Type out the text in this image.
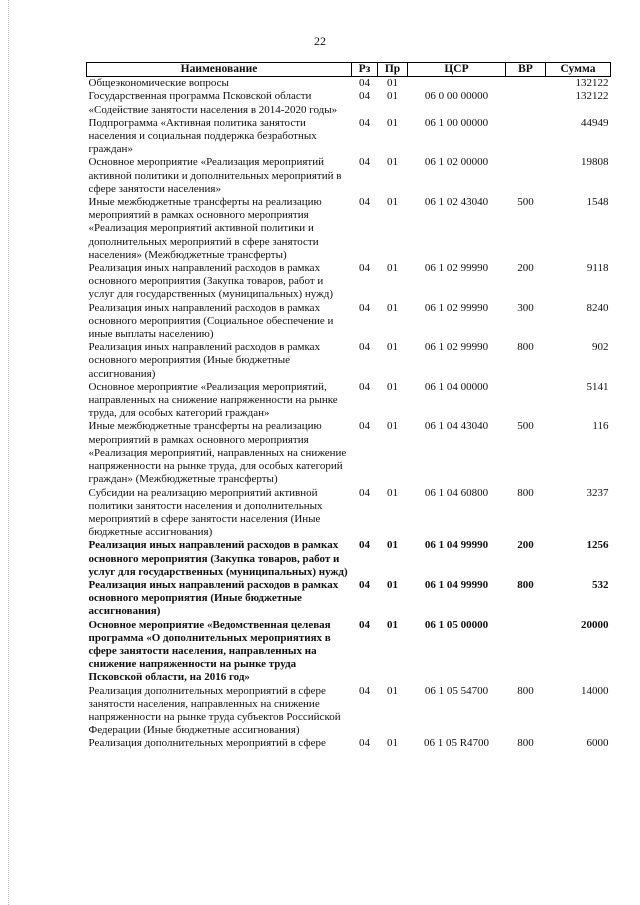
22
Наименование	Рз	Пр	ЦСР	ВР	Сумма
Общеэкономические вопросы	04	01			132122
Государственная программа Псковской области «Содействие занятости населения в 2014-2020 годы»	04	01	06 0 00 00000		132122
Подпрограмма «Активная политика занятости населения и социальная поддержка безработных граждан»	04	01	06 1 00 00000		44949
Основное мероприятие «Реализация мероприятий активной политики и дополнительных мероприятий в сфере занятости населения»	04	01	06 1 02 00000		19808
Иные межбюджетные трансферты на реализацию мероприятий в рамках основного мероприятия «Реализация мероприятий активной политики и дополнительных мероприятий в сфере занятости населения» (Межбюджетные трансферты)	04	01	06 1 02 43040	500	1548
Реализация иных направлений расходов в рамках основного мероприятия (Закупка товаров, работ и услуг для государственных (муниципальных) нужд)	04	01	06 1 02 99990	200	9118
Реализация иных направлений расходов в рамках основного мероприятия (Социальное обеспечение и иные выплаты населению)	04	01	06 1 02 99990	300	8240
Реализация иных направлений расходов в рамках основного мероприятия (Иные бюджетные ассигнования)	04	01	06 1 02 99990	800	902
Основное мероприятие «Реализация мероприятий, направленных на снижение напряженности на рынке труда, для особых категорий граждан»	04	01	06 1 04 00000		5141
Иные межбюджетные трансферты на реализацию мероприятий в рамках основного мероприятия «Реализация мероприятий, направленных на снижение напряженности на рынке труда, для особых категорий граждан» (Межбюджетные трансферты)	04	01	06 1 04 43040	500	116
Субсидии на реализацию мероприятий активной политики занятости населения и дополнительных мероприятий в сфере занятости населения (Иные бюджетные ассигнования)	04	01	06 1 04 60800	800	3237
Реализация иных направлений расходов в рамках основного мероприятия (Закупка товаров, работ и услуг для государственных (муниципальных) нужд)	04	01	06 1 04 99990	200	1256
Реализация иных направлений расходов в рамках основного мероприятия (Иные бюджетные ассигнования)	04	01	06 1 04 99990	800	532
Основное мероприятие «Ведомственная целевая программа «О дополнительных мероприятиях в сфере занятости населения, направленных на снижение напряженности на рынке труда Псковской области, на 2016 год»	04	01	06 1 05 00000		20000
Реализация дополнительных мероприятий в сфере занятости населения, направленных на снижение напряженности на рынке труда субъектов Российской Федерации (Иные бюджетные ассигнования)	04	01	06 1 05 54700	800	14000
Реализация дополнительных мероприятий в сфере	04	01	06 1 05 R4700	800	6000
